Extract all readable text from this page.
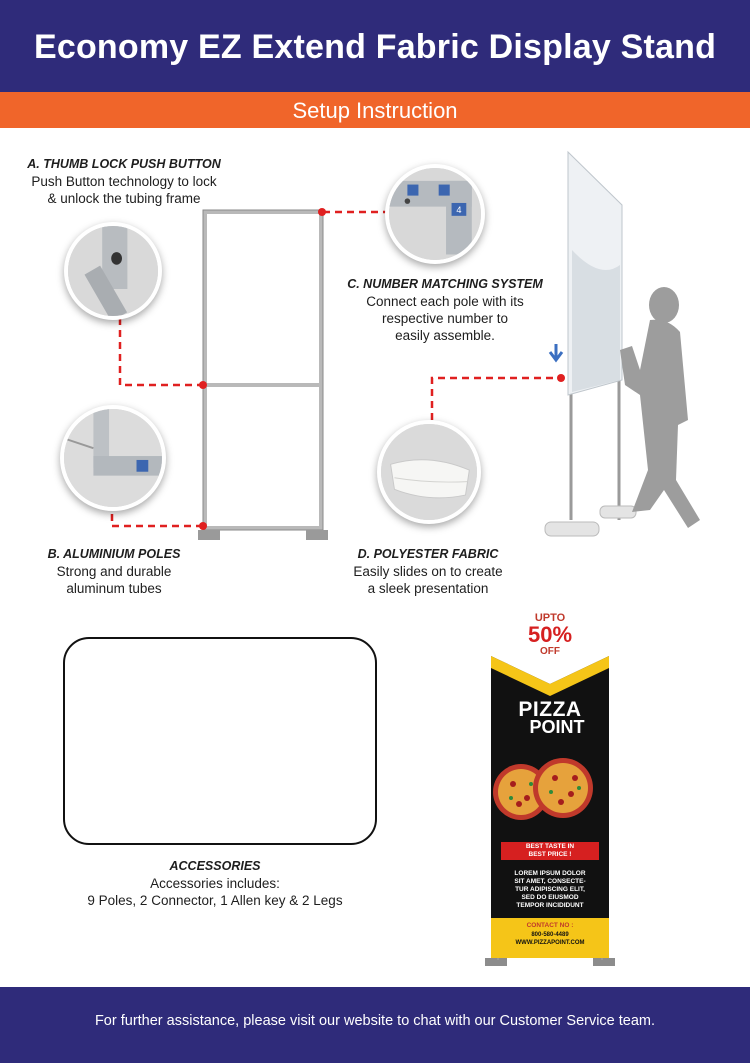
Economy EZ Extend Fabric Display Stand
Setup Instruction
4
A. THUMB LOCK PUSH BUTTON
Push Button technology to lock
& unlock the tubing frame
B. ALUMINIUM POLES
Strong and durable
aluminum tubes
C. NUMBER MATCHING SYSTEM
Connect each pole with its
respective number to
easily assemble.
D. POLYESTER FABRIC
Easily slides on to create
a sleek presentation
ACCESSORIES
Accessories includes:
9 Poles, 2 Connector, 1 Allen key & 2 Legs
UPTO
50%
OFF
PIZZA
POINT
BEST TASTE IN
BEST PRICE !
LOREM IPSUM DOLOR
SIT AMET, CONSECTE-
TUR ADIPISCING ELIT,
SED DO EIUSMOD
TEMPOR INCIDIDUNT
CONTACT NO :
800-580-4489
WWW.PIZZAPOINT.COM
For further assistance, please visit our website to chat with our Customer Service team.
